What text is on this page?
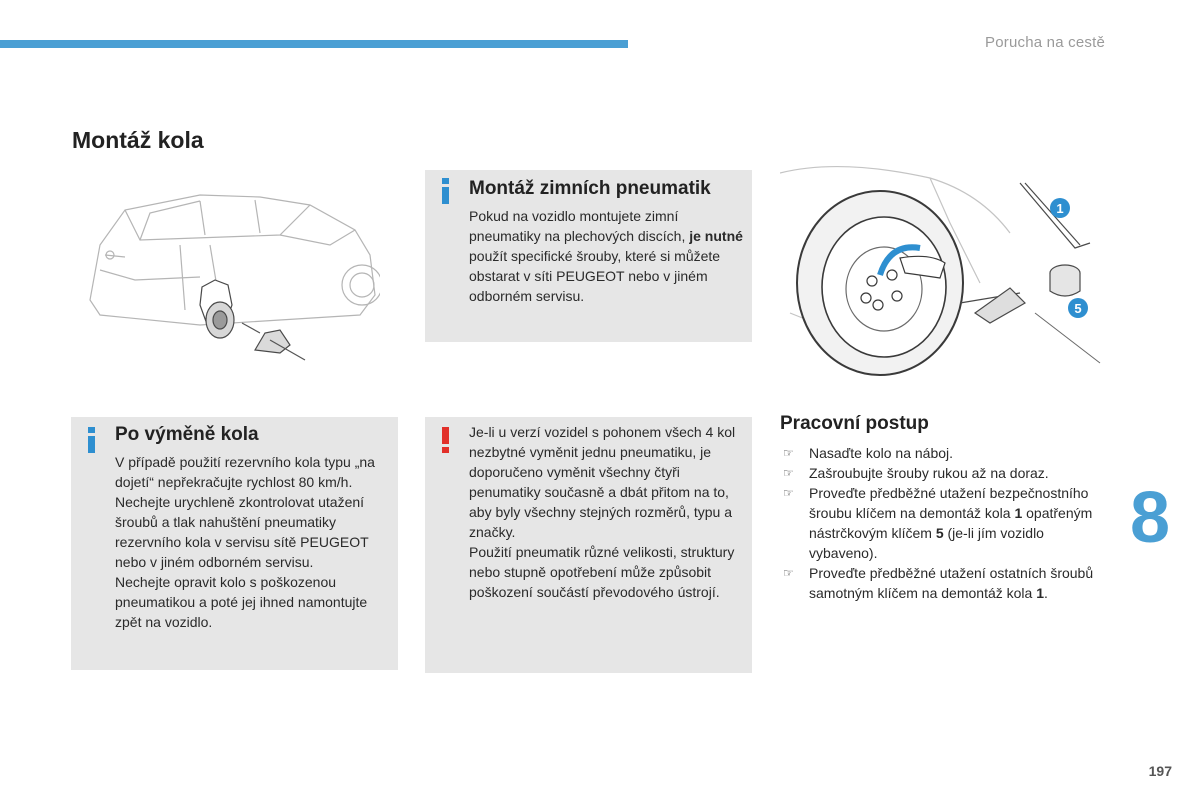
Porucha na cestě
Montáž kola
1
5
Montáž zimních pneumatik

Pokud na vozidlo montujete zimní pneumatiky na plechových discích, je nutné použít specifické šrouby, které si můžete obstarat v síti PEUGEOT nebo v jiném odborném servisu.

Po výměně kola

V případě použití rezervního kola typu „na dojetí“ nepřekračujte rychlost 80 km/h.
Nechejte urychleně zkontrolovat utažení šroubů a tlak nahuštění pneumatiky rezervního kola v servisu sítě PEUGEOT nebo v jiném odborném servisu.
Nechejte opravit kolo s poškozenou pneumatikou a poté jej ihned namontujte zpět na vozidlo.

Je-li u verzí vozidel s pohonem všech 4 kol nezbytné vyměnit jednu pneumatiku, je doporučeno vyměnit všechny čtyři penumatiky současně a dbát přitom na to, aby byly všechny stejných rozměrů, typu a značky.
Použití pneumatik různé velikosti, struktury nebo stupně opotřebení může způsobit poškození součástí převodového ústrojí.

Pracovní postup
☞ Nasaďte kolo na náboj.
☞ Zašroubujte šrouby rukou až na doraz.
☞ Proveďte předběžné utažení bezpečnostního šroubu klíčem na demontáž kola 1 opatřeným nástrčkovým klíčem 5 (je-li jím vozidlo vybaveno).
☞ Proveďte předběžné utažení ostatních šroubů samotným klíčem na demontáž kola 1.
8
197
